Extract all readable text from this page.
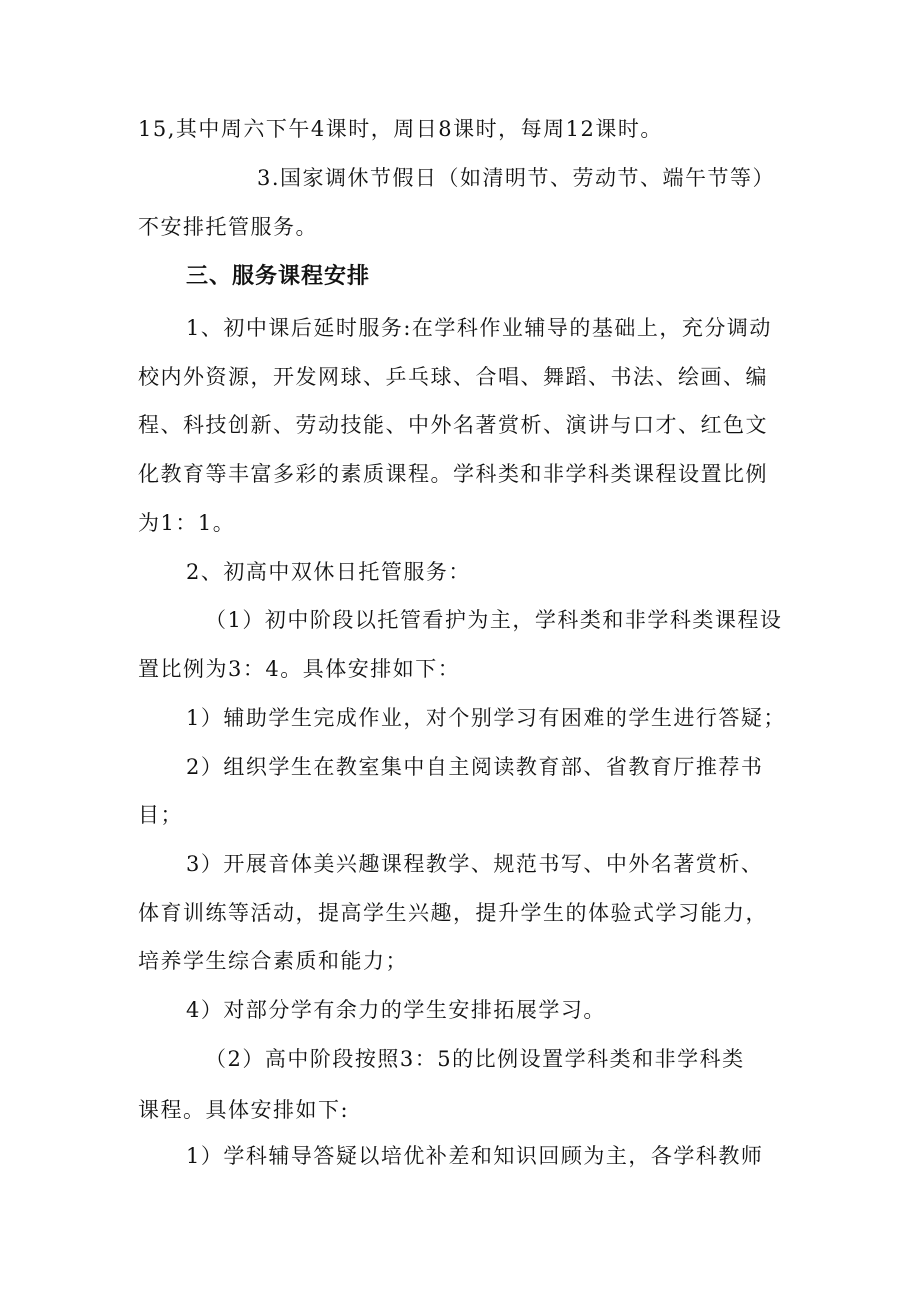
15,其中周六下午4课时，周日8课时，每周12课时。
3.国家调休节假日（如清明节、劳动节、端午节等）
不安排托管服务。
三、服务课程安排
1、初中课后延时服务:在学科作业辅导的基础上，充分调动
校内外资源，开发网球、乒乓球、合唱、舞蹈、书法、绘画、编
程、科技创新、劳动技能、中外名著赏析、演讲与口才、红色文
化教育等丰富多彩的素质课程。学科类和非学科类课程设置比例
为1：1。
2、初高中双休日托管服务：
（1）初中阶段以托管看护为主，学科类和非学科类课程设
置比例为3：4。具体安排如下：
1）辅助学生完成作业，对个别学习有困难的学生进行答疑；
2）组织学生在教室集中自主阅读教育部、省教育厅推荐书
目；
3）开展音体美兴趣课程教学、规范书写、中外名著赏析、
体育训练等活动，提高学生兴趣，提升学生的体验式学习能力，
培养学生综合素质和能力；
4）对部分学有余力的学生安排拓展学习。
（2）高中阶段按照3：5的比例设置学科类和非学科类
课程。具体安排如下:
1）学科辅导答疑以培优补差和知识回顾为主，各学科教师
